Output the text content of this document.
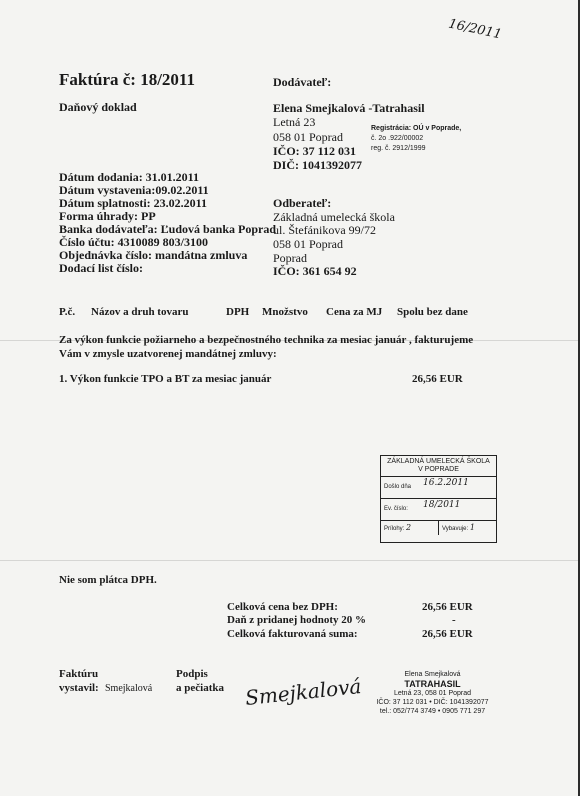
16/2011
Faktúra č: 18/2011
Daňový doklad
Dodávateľ:
Elena Smejkalová -Tatrahasil
Letná 23
058 01 Poprad
IČO: 37 112 031
DIČ: 1041392077
Registrácia: OÚ v Poprade,
č. 2o .922/00002
reg. č. 2912/1999
Dátum dodania: 31.01.2011
Dátum vystavenia:09.02.2011
Dátum splatnosti: 23.02.2011
Forma úhrady: PP
Banka dodávateľa: Ľudová banka Poprad
Číslo účtu: 4310089 803/3100
Objednávka číslo: mandátna zmluva
Dodací list číslo:
Odberateľ:
Základná umelecká škola
ul. Štefánikova 99/72
058 01 Poprad
Poprad
IČO: 361 654 92
P.č. Názov a druh tovaru	DPH Množstvo Cena za MJ Spolu bez dane
Za výkon funkcie požiarneho a bezpečnostného technika za mesiac január , fakturujeme
Vám v zmysle uzatvorenej mandátnej zmluvy:
1. Výkon funkcie TPO a BT za mesiac január	26,56 EUR
ZÁKLADNÁ UMELECKÁ ŠKOLA
V POPRADE
Došlo dňa 16.2.2011
Ev. číslo: 18/2011
Prílohy: 2	Vybavuje: 1
Nie som plátca DPH.
Celková cena bez DPH:	26,56 EUR
Daň z pridanej hodnoty 20 %	-
Celková fakturovaná suma:	26,56 EUR
Faktúru
vystavil: Smejkalová
Podpis
a pečiatka Smejkalová	Elena Smejkalová
TATRAHASIL
Letná 23, 058 01 Poprad
IČO: 37 112 031 • DIČ: 1041392077
tel.: 052/774 3749 • 0905 771 297
